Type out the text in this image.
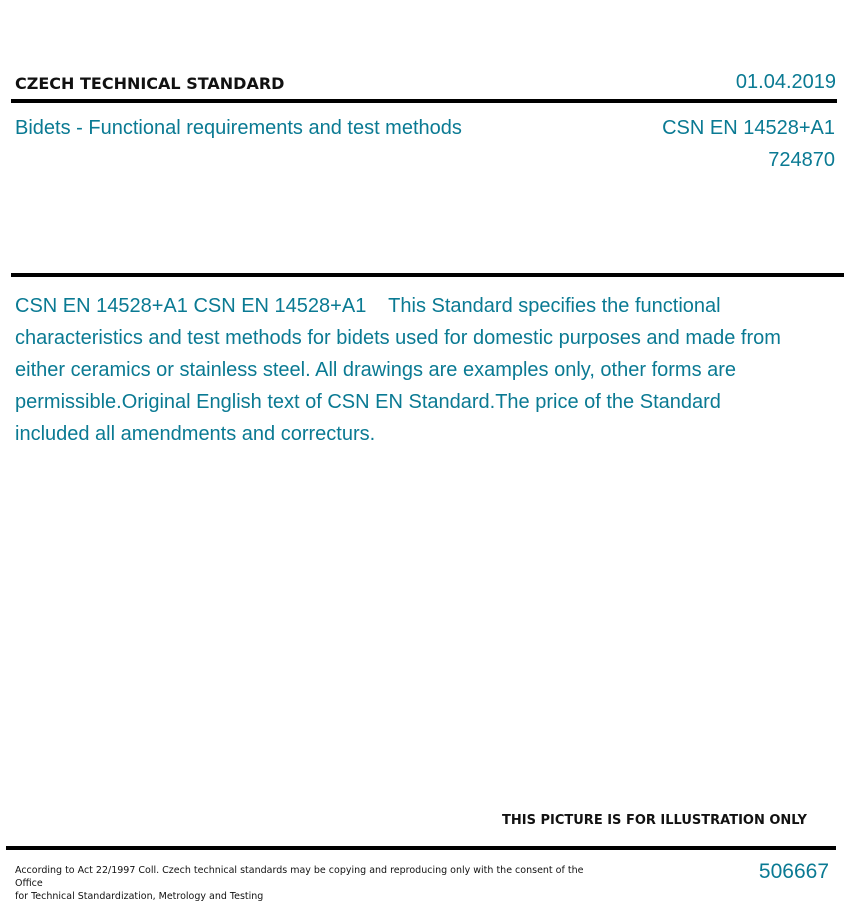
CZECH TECHNICAL STANDARD	01.04.2019
Bidets - Functional requirements and test methods	CSN EN 14528+A1
724870
CSN EN 14528+A1 CSN EN 14528+A1    This Standard specifies the functional characteristics and test methods for bidets used for domestic purposes and made from either ceramics or stainless steel. All drawings are examples only, other forms are permissible.Original English text of CSN EN Standard.The price of the Standard included all amendments and correcturs.
THIS PICTURE IS FOR ILLUSTRATION ONLY
According to Act 22/1997 Coll. Czech technical standards may be copying and reproducing only with the consent of the Office
for Technical Standardization, Metrology and Testing
506667
